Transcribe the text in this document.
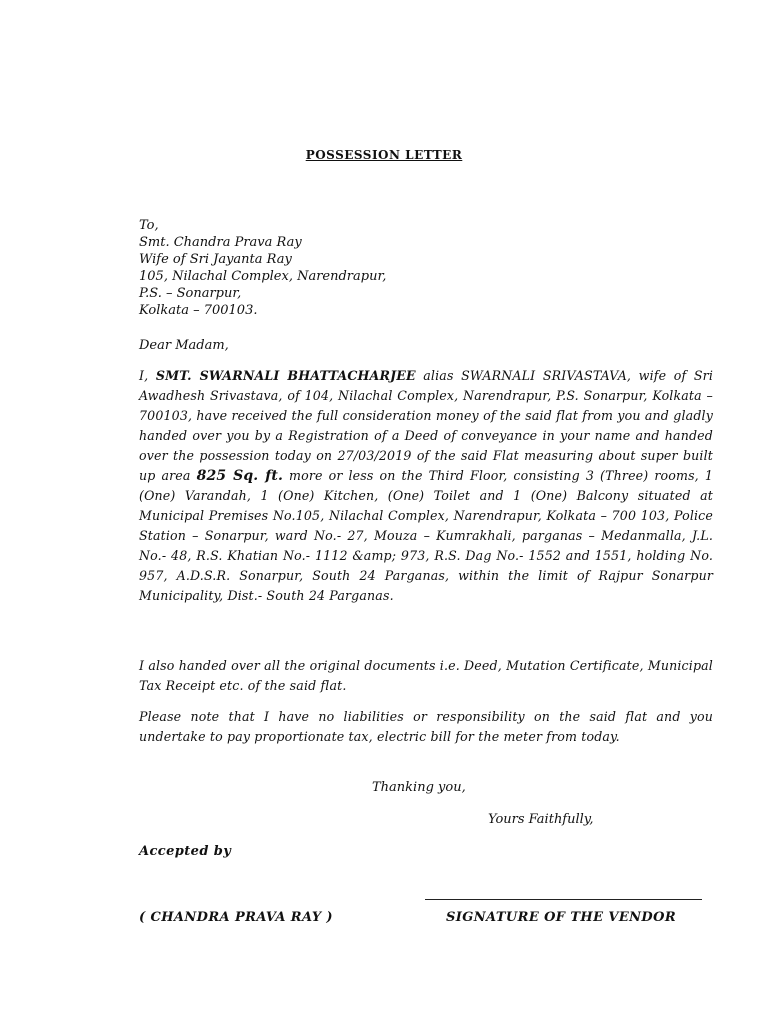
POSSESSION LETTER
To,
Smt. Chandra Prava Ray
Wife of Sri Jayanta Ray
105, Nilachal Complex, Narendrapur,
P.S. – Sonarpur,
Kolkata – 700103.
Dear Madam,
I, SMT. SWARNALI BHATTACHARJEE alias SWARNALI SRIVASTAVA, wife of Sri Awadhesh Srivastava, of 104, Nilachal Complex, Narendrapur, P.S. Sonarpur, Kolkata – 700103, have received the full consideration money of the said flat from you and gladly handed over you by a Registration of a Deed of conveyance in your name and handed over the possession today on 27/03/2019 of the said Flat measuring about super built up area 825 Sq. ft. more or less on the Third Floor, consisting 3 (Three) rooms, 1 (One) Varandah, 1 (One) Kitchen, (One) Toilet and 1 (One) Balcony situated at Municipal Premises No.105, Nilachal Complex, Narendrapur, Kolkata – 700 103, Police Station – Sonarpur, ward No.- 27, Mouza – Kumrakhali, parganas – Medanmalla, J.L. No.- 48, R.S. Khatian No.- 1112 &amp; 973, R.S. Dag No.- 1552 and 1551, holding No. 957, A.D.S.R. Sonarpur, South 24 Parganas, within the limit of Rajpur Sonarpur Municipality, Dist.- South 24 Parganas.
I also handed over all the original documents i.e. Deed, Mutation Certificate, Municipal Tax Receipt etc. of the said flat.
Please note that I have no liabilities or responsibility on the said flat and you undertake to pay proportionate tax, electric bill for the meter from today.
Thanking you,
Yours Faithfully,
Accepted by
( CHANDRA PRAVA RAY )	SIGNATURE OF THE VENDOR
